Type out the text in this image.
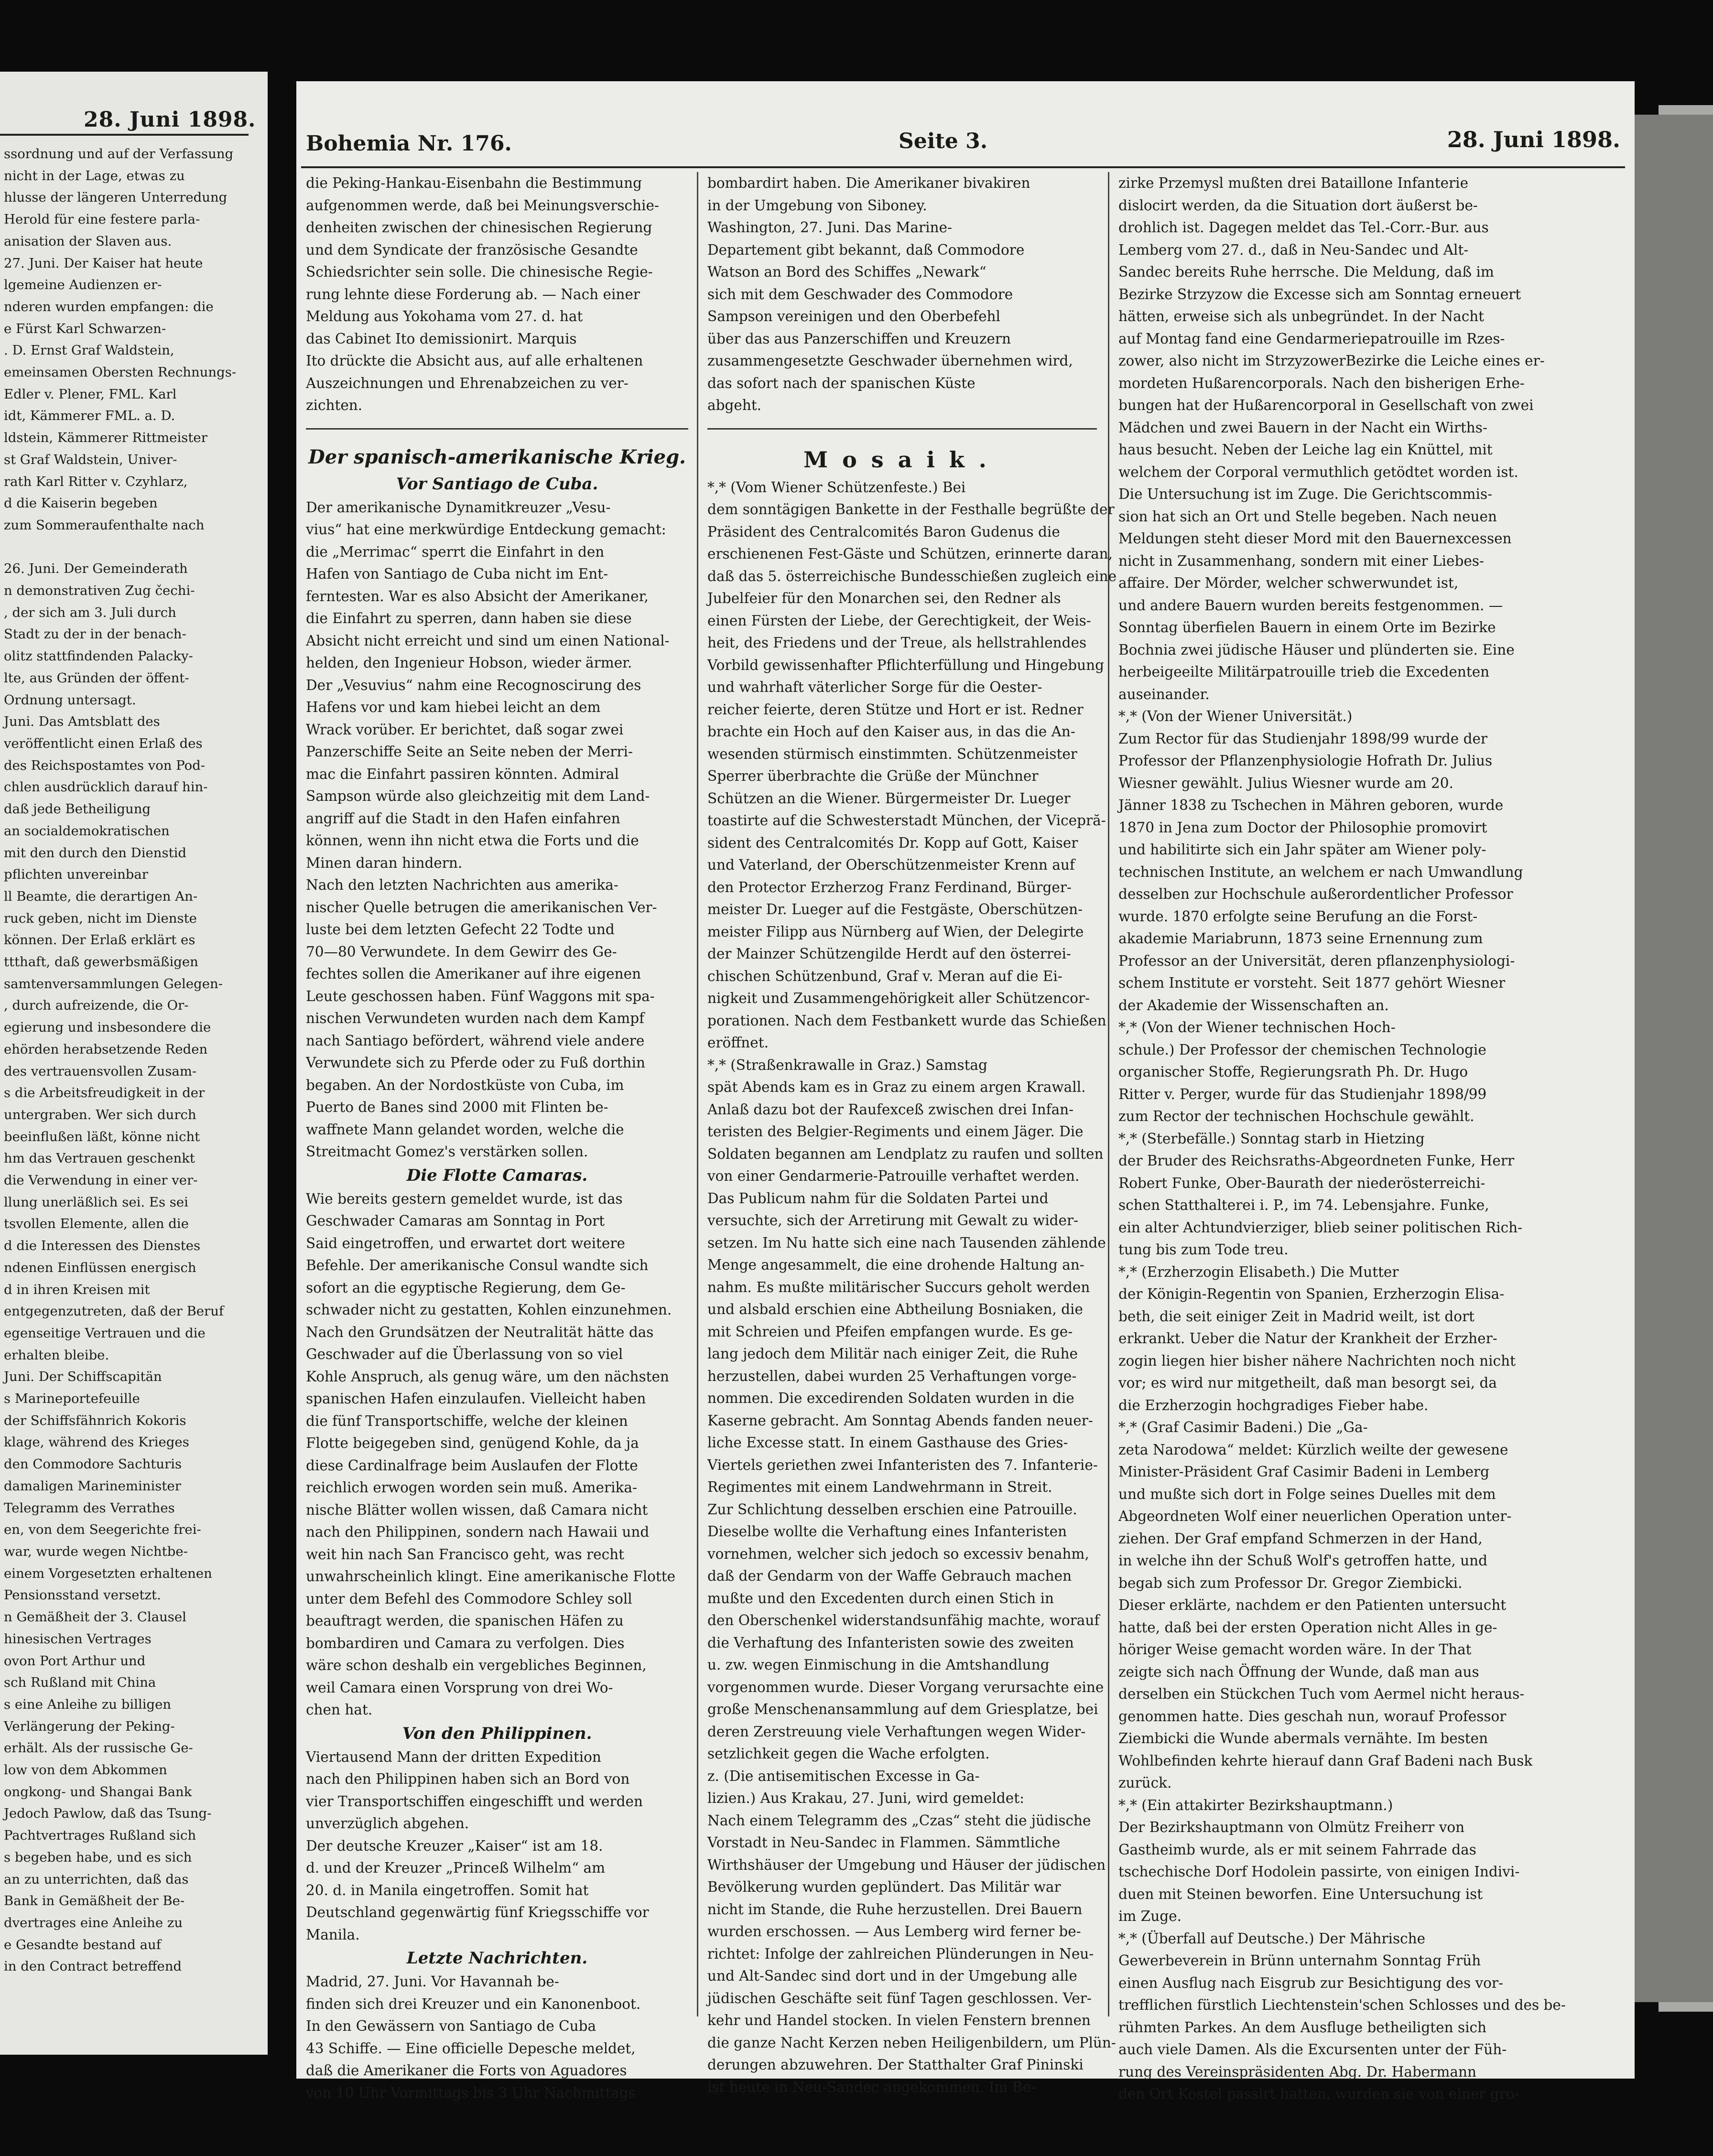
28. Juni 1898.
ssordnung und auf der Verfassung
nicht in der Lage, etwas zu
hlusse der längeren Unterredung
Herold für eine festere parla-
anisation der Slaven aus.
27. Juni. Der Kaiser hat heute
lgemeine Audienzen er-
nderen wurden empfangen: die
e Fürst Karl Schwarzen-
. D. Ernst Graf Waldstein,
emeinsamen Obersten Rechnungs-
Edler v. Plener, FML. Karl
idt, Kämmerer FML. a. D.
ldstein, Kämmerer Rittmeister
st Graf Waldstein, Univer-
rath Karl Ritter v. Czyhlarz,
d die Kaiserin begeben
zum Sommeraufenthalte nach

26. Juni. Der Gemeinderath
n demonstrativen Zug čechi-
, der sich am 3. Juli durch
Stadt zu der in der benach-
olitz stattfindenden Palacky-
lte, aus Gründen der öffent-
Ordnung untersagt.
Juni. Das Amtsblatt des
veröffentlicht einen Erlaß des
des Reichspostamtes von Pod-
chlen ausdrücklich darauf hin-
daß jede Betheiligung
an socialdemokratischen
mit den durch den Dienstid
pflichten unvereinbar
ll Beamte, die derartigen An-
ruck geben, nicht im Dienste
können. Der Erlaß erklärt es
ttthaft, daß gewerbsmäßigen
samtenversammlungen Gelegen-
, durch aufreizende, die Or-
egierung und insbesondere die
ehörden herabsetzende Reden
des vertrauensvollen Zusam-
s die Arbeitsfreudigkeit in der
untergraben. Wer sich durch
beeinflußen läßt, könne nicht
hm das Vertrauen geschenkt
die Verwendung in einer ver-
llung unerläßlich sei. Es sei
tsvollen Elemente, allen die
d die Interessen des Dienstes
ndenen Einflüssen energisch
d in ihren Kreisen mit
entgegenzutreten, daß der Beruf
egenseitige Vertrauen und die
erhalten bleibe.
Juni. Der Schiffscapitän
s Marineportefeuille
der Schiffsfähnrich Kokoris
klage, während des Krieges
den Commodore Sachturis
damaligen Marineminister
Telegramm des Verrathes
en, von dem Seegerichte frei-
war, wurde wegen Nichtbe-
einem Vorgesetzten erhaltenen
Pensionsstand versetzt.
n Gemäßheit der 3. Clausel
hinesischen Vertrages
ovon Port Arthur und
sch Rußland mit China
s eine Anleihe zu billigen
Verlängerung der Peking-
erhält. Als der russische Ge-
low von dem Abkommen
ongkong- und Shangai Bank
Jedoch Pawlow, daß das Tsung-
Pachtvertrages Rußland sich
s begeben habe, und es sich
an zu unterrichten, daß das
Bank in Gemäßheit der Be-
dvertrages eine Anleihe zu
e Gesandte bestand auf
in den Contract betreffend
Bohemia Nr. 176.	Seite 3.	28. Juni 1898.
die Peking-Hankau-Eisenbahn die Bestimmung
aufgenommen werde, daß bei Meinungsverschie-
denheiten zwischen der chinesischen Regierung
und dem Syndicate der französische Gesandte
Schiedsrichter sein solle. Die chinesische Regie-
rung lehnte diese Forderung ab. — Nach einer
Meldung aus Yokohama vom 27. d. hat
das Cabinet Ito demissionirt. Marquis
Ito drückte die Absicht aus, auf alle erhaltenen
Auszeichnungen und Ehrenabzeichen zu ver-
zichten.
Der spanisch-amerikanische Krieg.
Vor Santiago de Cuba.
Der amerikanische Dynamitkreuzer „Vesu-
vius“ hat eine merkwürdige Entdeckung gemacht:
die „Merrimac“ sperrt die Einfahrt in den
Hafen von Santiago de Cuba nicht im Ent-
ferntesten. War es also Absicht der Amerikaner,
die Einfahrt zu sperren, dann haben sie diese
Absicht nicht erreicht und sind um einen National-
helden, den Ingenieur Hobson, wieder ärmer.
Der „Vesuvius“ nahm eine Recognoscirung des
Hafens vor und kam hiebei leicht an dem
Wrack vorüber. Er berichtet, daß sogar zwei
Panzerschiffe Seite an Seite neben der Merri-
mac die Einfahrt passiren könnten. Admiral
Sampson würde also gleichzeitig mit dem Land-
angriff auf die Stadt in den Hafen einfahren
können, wenn ihn nicht etwa die Forts und die
Minen daran hindern.
Nach den letzten Nachrichten aus amerika-
nischer Quelle betrugen die amerikanischen Ver-
luste bei dem letzten Gefecht 22 Todte und
70—80 Verwundete. In dem Gewirr des Ge-
fechtes sollen die Amerikaner auf ihre eigenen
Leute geschossen haben. Fünf Waggons mit spa-
nischen Verwundeten wurden nach dem Kampf
nach Santiago befördert, während viele andere
Verwundete sich zu Pferde oder zu Fuß dorthin
begaben. An der Nordostküste von Cuba, im
Puerto de Banes sind 2000 mit Flinten be-
waffnete Mann gelandet worden, welche die
Streitmacht Gomez's verstärken sollen.
Die Flotte Camaras.
Wie bereits gestern gemeldet wurde, ist das
Geschwader Camaras am Sonntag in Port
Said eingetroffen, und erwartet dort weitere
Befehle. Der amerikanische Consul wandte sich
sofort an die egyptische Regierung, dem Ge-
schwader nicht zu gestatten, Kohlen einzunehmen.
Nach den Grundsätzen der Neutralität hätte das
Geschwader auf die Überlassung von so viel
Kohle Anspruch, als genug wäre, um den nächsten
spanischen Hafen einzulaufen. Vielleicht haben
die fünf Transportschiffe, welche der kleinen
Flotte beigegeben sind, genügend Kohle, da ja
diese Cardinalfrage beim Auslaufen der Flotte
reichlich erwogen worden sein muß. Amerika-
nische Blätter wollen wissen, daß Camara nicht
nach den Philippinen, sondern nach Hawaii und
weit hin nach San Francisco geht, was recht
unwahrscheinlich klingt. Eine amerikanische Flotte
unter dem Befehl des Commodore Schley soll
beauftragt werden, die spanischen Häfen zu
bombardiren und Camara zu verfolgen. Dies
wäre schon deshalb ein vergebliches Beginnen,
weil Camara einen Vorsprung von drei Wo-
chen hat.
Von den Philippinen.
Viertausend Mann der dritten Expedition
nach den Philippinen haben sich an Bord von
vier Transportschiffen eingeschifft und werden
unverzüglich abgehen.
Der deutsche Kreuzer „Kaiser“ ist am 18.
d. und der Kreuzer „Princeß Wilhelm“ am
20. d. in Manila eingetroffen. Somit hat
Deutschland gegenwärtig fünf Kriegsschiffe vor
Manila.
Letzte Nachrichten.
Madrid, 27. Juni. Vor Havannah be-
finden sich drei Kreuzer und ein Kanonenboot.
In den Gewässern von Santiago de Cuba
43 Schiffe. — Eine officielle Depesche meldet,
daß die Amerikaner die Forts von Aguadores
von 10 Uhr Vormittags bis 3 Uhr Nachmittags
bombardirt haben. Die Amerikaner bivakiren
in der Umgebung von Siboney.
Washington, 27. Juni. Das Marine-
Departement gibt bekannt, daß Commodore
Watson an Bord des Schiffes „Newark“
sich mit dem Geschwader des Commodore
Sampson vereinigen und den Oberbefehl
über das aus Panzerschiffen und Kreuzern
zusammengesetzte Geschwader übernehmen wird,
das sofort nach der spanischen Küste
abgeht.
Mosaik.
*,* (Vom Wiener Schützenfeste.) Bei
dem sonntägigen Bankette in der Festhalle begrüßte der
Präsident des Centralcomités Baron Gudenus die
erschienenen Fest-Gäste und Schützen, erinnerte daran,
daß das 5. österreichische Bundesschießen zugleich eine
Jubelfeier für den Monarchen sei, den Redner als
einen Fürsten der Liebe, der Gerechtigkeit, der Weis-
heit, des Friedens und der Treue, als hellstrahlendes
Vorbild gewissenhafter Pflichterfüllung und Hingebung
und wahrhaft väterlicher Sorge für die Oester-
reicher feierte, deren Stütze und Hort er ist. Redner
brachte ein Hoch auf den Kaiser aus, in das die An-
wesenden stürmisch einstimmten. Schützenmeister
Sperrer überbrachte die Grüße der Münchner
Schützen an die Wiener. Bürgermeister Dr. Lueger
toastirte auf die Schwesterstadt München, der Vicepră-
sident des Centralcomités Dr. Kopp auf Gott, Kaiser
und Vaterland, der Oberschützenmeister Krenn auf
den Protector Erzherzog Franz Ferdinand, Bürger-
meister Dr. Lueger auf die Festgäste, Oberschützen-
meister Filipp aus Nürnberg auf Wien, der Delegirte
der Mainzer Schützengilde Herdt auf den österrei-
chischen Schützenbund, Graf v. Meran auf die Ei-
nigkeit und Zusammengehörigkeit aller Schützencor-
porationen. Nach dem Festbankett wurde das Schießen
eröffnet.
*,* (Straßenkrawalle in Graz.) Samstag
spät Abends kam es in Graz zu einem argen Krawall.
Anlaß dazu bot der Raufexceß zwischen drei Infan-
teristen des Belgier-Regiments und einem Jäger. Die
Soldaten begannen am Lendplatz zu raufen und sollten
von einer Gendarmerie-Patrouille verhaftet werden.
Das Publicum nahm für die Soldaten Partei und
versuchte, sich der Arretirung mit Gewalt zu wider-
setzen. Im Nu hatte sich eine nach Tausenden zählende
Menge angesammelt, die eine drohende Haltung an-
nahm. Es mußte militärischer Succurs geholt werden
und alsbald erschien eine Abtheilung Bosniaken, die
mit Schreien und Pfeifen empfangen wurde. Es ge-
lang jedoch dem Militär nach einiger Zeit, die Ruhe
herzustellen, dabei wurden 25 Verhaftungen vorge-
nommen. Die excedirenden Soldaten wurden in die
Kaserne gebracht. Am Sonntag Abends fanden neuer-
liche Excesse statt. In einem Gasthause des Gries-
Viertels geriethen zwei Infanteristen des 7. Infanterie-
Regimentes mit einem Landwehrmann in Streit.
Zur Schlichtung desselben erschien eine Patrouille.
Dieselbe wollte die Verhaftung eines Infanteristen
vornehmen, welcher sich jedoch so excessiv benahm,
daß der Gendarm von der Waffe Gebrauch machen
mußte und den Excedenten durch einen Stich in
den Oberschenkel widerstandsunfähig machte, worauf
die Verhaftung des Infanteristen sowie des zweiten
u. zw. wegen Einmischung in die Amtshandlung
vorgenommen wurde. Dieser Vorgang verursachte eine
große Menschenansammlung auf dem Griesplatze, bei
deren Zerstreuung viele Verhaftungen wegen Wider-
setzlichkeit gegen die Wache erfolgten.
z. (Die antisemitischen Excesse in Ga-
lizien.) Aus Krakau, 27. Juni, wird gemeldet:
Nach einem Telegramm des „Czas“ steht die jüdische
Vorstadt in Neu-Sandec in Flammen. Sämmtliche
Wirthshäuser der Umgebung und Häuser der jüdischen
Bevölkerung wurden geplündert. Das Militär war
nicht im Stande, die Ruhe herzustellen. Drei Bauern
wurden erschossen. — Aus Lemberg wird ferner be-
richtet: Infolge der zahlreichen Plünderungen in Neu-
und Alt-Sandec sind dort und in der Umgebung alle
jüdischen Geschäfte seit fünf Tagen geschlossen. Ver-
kehr und Handel stocken. In vielen Fenstern brennen
die ganze Nacht Kerzen neben Heiligenbildern, um Plün-
derungen abzuwehren. Der Statthalter Graf Pininski
ist heute in Neu-Sandec angekommen. Im Be-
zirke Przemysl mußten drei Bataillone Infanterie
dislocirt werden, da die Situation dort äußerst be-
drohlich ist. Dagegen meldet das Tel.-Corr.-Bur. aus
Lemberg vom 27. d., daß in Neu-Sandec und Alt-
Sandec bereits Ruhe herrsche. Die Meldung, daß im
Bezirke Strzyzow die Excesse sich am Sonntag erneuert
hätten, erweise sich als unbegründet. In der Nacht
auf Montag fand eine Gendarmeriepatrouille im Rzes-
zower, also nicht im StrzyzowerBezirke die Leiche eines er-
mordeten Hußarencorporals. Nach den bisherigen Erhe-
bungen hat der Hußarencorporal in Gesellschaft von zwei
Mädchen und zwei Bauern in der Nacht ein Wirths-
haus besucht. Neben der Leiche lag ein Knüttel, mit
welchem der Corporal vermuthlich getödtet worden ist.
Die Untersuchung ist im Zuge. Die Gerichtscommis-
sion hat sich an Ort und Stelle begeben. Nach neuen
Meldungen steht dieser Mord mit den Bauernexcessen
nicht in Zusammenhang, sondern mit einer Liebes-
affaire. Der Mörder, welcher schwerwundet ist,
und andere Bauern wurden bereits festgenommen. —
Sonntag überfielen Bauern in einem Orte im Bezirke
Bochnia zwei jüdische Häuser und plünderten sie. Eine
herbeigeeilte Militärpatrouille trieb die Excedenten
auseinander.
*,* (Von der Wiener Universität.)
Zum Rector für das Studienjahr 1898/99 wurde der
Professor der Pflanzenphysiologie Hofrath Dr. Julius
Wiesner gewählt. Julius Wiesner wurde am 20.
Jänner 1838 zu Tschechen in Mähren geboren, wurde
1870 in Jena zum Doctor der Philosophie promovirt
und habilitirte sich ein Jahr später am Wiener poly-
technischen Institute, an welchem er nach Umwandlung
desselben zur Hochschule außerordentlicher Professor
wurde. 1870 erfolgte seine Berufung an die Forst-
akademie Mariabrunn, 1873 seine Ernennung zum
Professor an der Universität, deren pflanzenphysiologi-
schem Institute er vorsteht. Seit 1877 gehört Wiesner
der Akademie der Wissenschaften an.
*,* (Von der Wiener technischen Hoch-
schule.) Der Professor der chemischen Technologie
organischer Stoffe, Regierungsrath Ph. Dr. Hugo
Ritter v. Perger, wurde für das Studienjahr 1898/99
zum Rector der technischen Hochschule gewählt.
*,* (Sterbefälle.) Sonntag starb in Hietzing
der Bruder des Reichsraths-Abgeordneten Funke, Herr
Robert Funke, Ober-Baurath der niederösterreichi-
schen Statthalterei i. P., im 74. Lebensjahre. Funke,
ein alter Achtundvierziger, blieb seiner politischen Rich-
tung bis zum Tode treu.
*,* (Erzherzogin Elisabeth.) Die Mutter
der Königin-Regentin von Spanien, Erzherzogin Elisa-
beth, die seit einiger Zeit in Madrid weilt, ist dort
erkrankt. Ueber die Natur der Krankheit der Erzher-
zogin liegen hier bisher nähere Nachrichten noch nicht
vor; es wird nur mitgetheilt, daß man besorgt sei, da
die Erzherzogin hochgradiges Fieber habe.
*,* (Graf Casimir Badeni.) Die „Ga-
zeta Narodowa“ meldet: Kürzlich weilte der gewesene
Minister-Präsident Graf Casimir Badeni in Lemberg
und mußte sich dort in Folge seines Duelles mit dem
Abgeordneten Wolf einer neuerlichen Operation unter-
ziehen. Der Graf empfand Schmerzen in der Hand,
in welche ihn der Schuß Wolf's getroffen hatte, und
begab sich zum Professor Dr. Gregor Ziembicki.
Dieser erklärte, nachdem er den Patienten untersucht
hatte, daß bei der ersten Operation nicht Alles in ge-
höriger Weise gemacht worden wäre. In der That
zeigte sich nach Öffnung der Wunde, daß man aus
derselben ein Stückchen Tuch vom Aermel nicht heraus-
genommen hatte. Dies geschah nun, worauf Professor
Ziembicki die Wunde abermals vernähte. Im besten
Wohlbefinden kehrte hierauf dann Graf Badeni nach Busk
zurück.
*,* (Ein attakirter Bezirkshauptmann.)
Der Bezirkshauptmann von Olmütz Freiherr von
Gastheimb wurde, als er mit seinem Fahrrade das
tschechische Dorf Hodolein passirte, von einigen Indivi-
duen mit Steinen beworfen. Eine Untersuchung ist
im Zuge.
*,* (Überfall auf Deutsche.) Der Mährische
Gewerbeverein in Brünn unternahm Sonntag Früh
einen Ausflug nach Eisgrub zur Besichtigung des vor-
trefflichen fürstlich Liechtenstein'schen Schlosses und des be-
rühmten Parkes. An dem Ausfluge betheiligten sich
auch viele Damen. Als die Excursenten unter der Füh-
rung des Vereinspräsidenten Abg. Dr. Habermann
den Ort Kostel passirt hatten, wurden sie von einer gro-
